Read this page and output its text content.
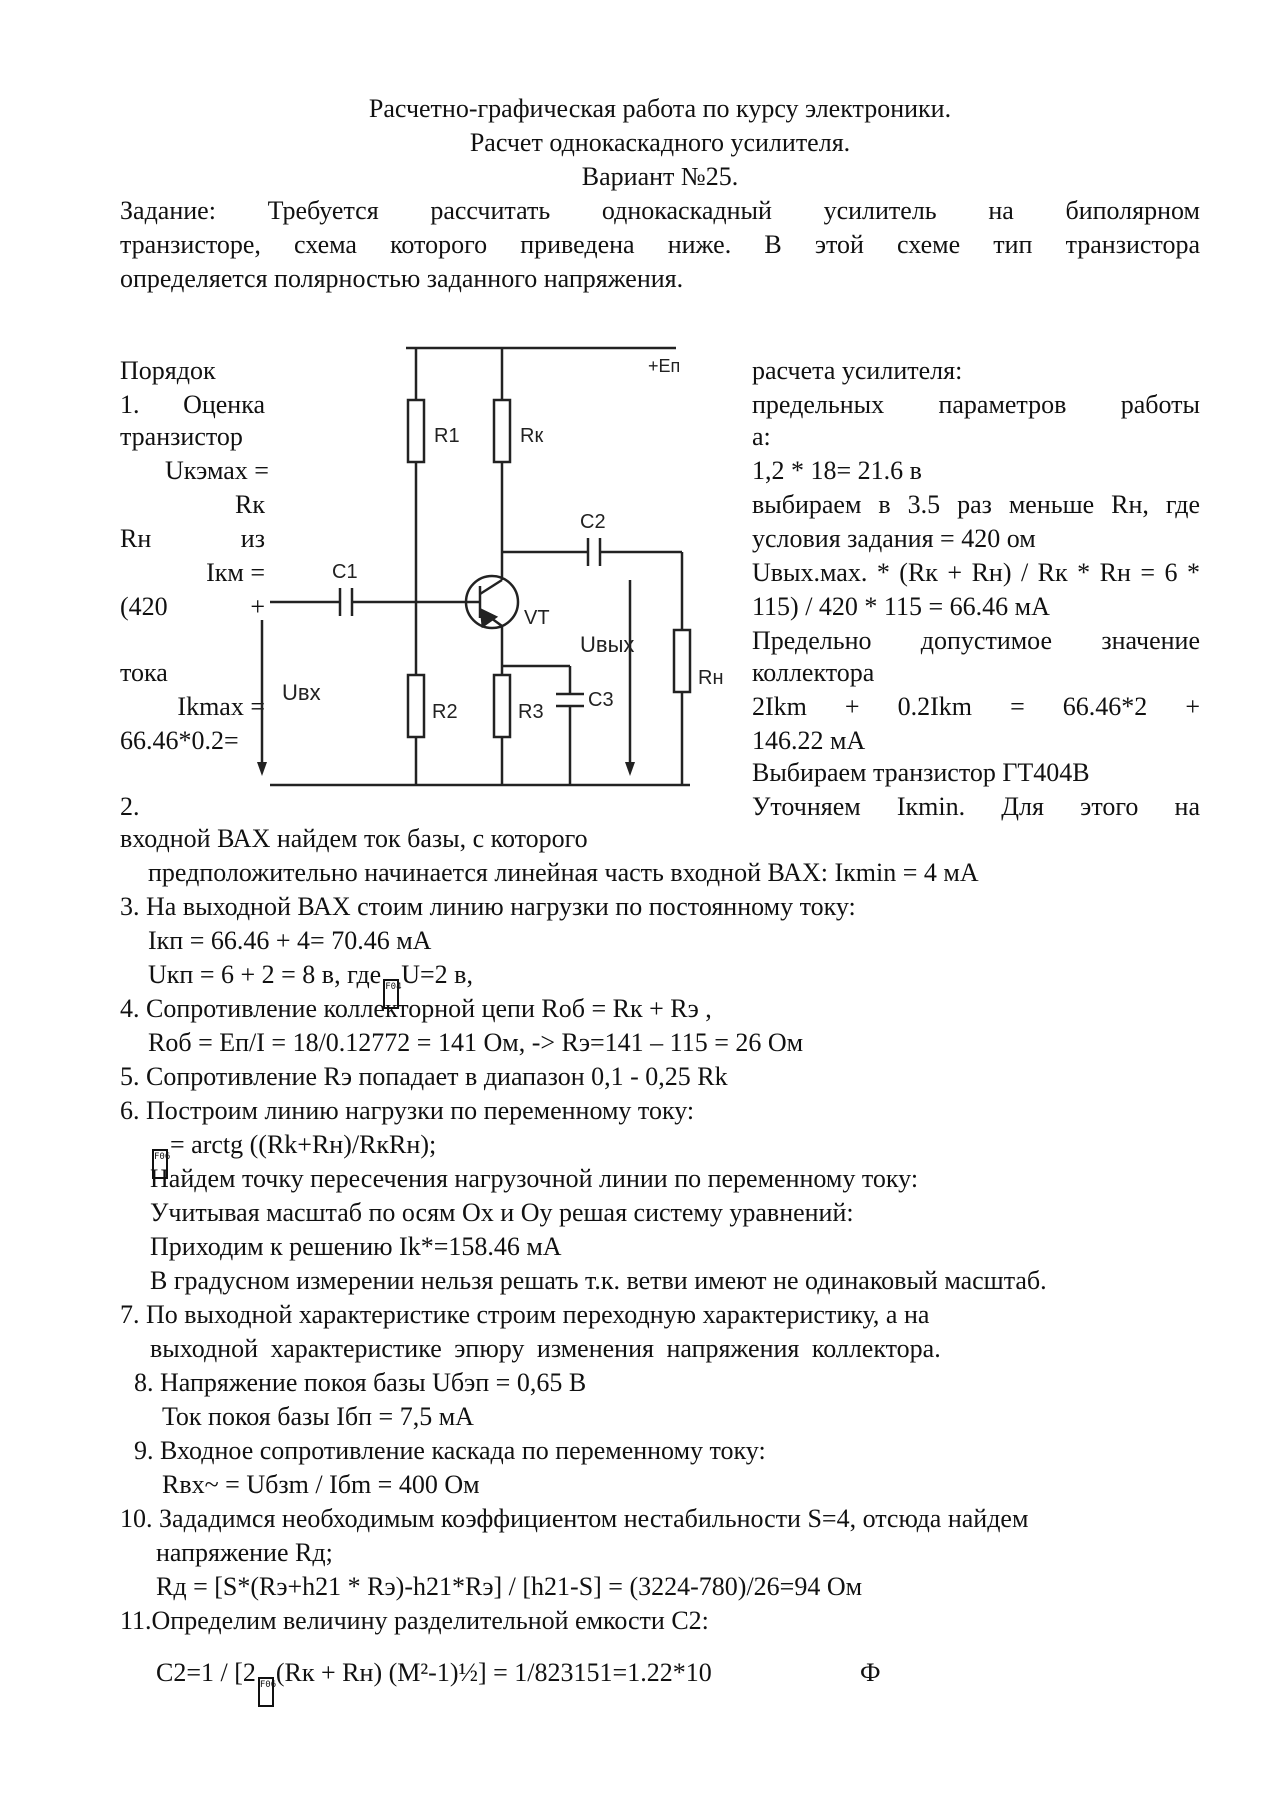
Расчетно-графическая работа по курсу электроники.
Расчет однокаскадного усилителя.
Вариант №25.
Задание: Требуется рассчитать однокаскадный усилитель на биполярном
транзисторе, схема которого приведена ниже. В этой схеме тип транзистора
определяется полярностью заданного напряжения.
Порядок
1. Оценка
транзистор
Uкэмах =
Rк
Rн из
Iкм =
(420 +
тока
Ikmax =
66.46*0.2=
2.
расчета усилителя:
предельных параметров работы
а:
1,2 * 18= 21.6 в
выбираем в 3.5 раз меньше Rн, где
условия задания = 420 ом
Uвых.мах. * (Rк + Rн) / Rк * Rн = 6 *
115) / 420 * 115 = 66.46 мА
Предельно допустимое значение
коллектора
2Ikm + 0.2Ikm = 66.46*2 +
146.22 мА
Выбираем транзистор ГТ404В
Уточняем Iкmin. Для этого на
+Eп
R1	Rк
C2
C1
VT
Uвых
Uвх
R2	R3
C3
Rн
входной ВАХ найдем ток базы, с которого
предположительно начинается линейная часть входной ВАХ: Iкmin = 4 мА
3. На выходной ВАХ стоим линию нагрузки по постоянному току:
Iкп = 66.46 + 4= 70.46 мА
Uкп = 6 + 2 = 8 в, где F04U=2 в,
4. Сопротивление коллекторной цепи Rоб = Rк + Rэ ,
Rоб = Eп/I = 18/0.12772 = 141 Ом, -> Rэ=141 – 115 = 26 Ом
5. Сопротивление Rэ попадает в диапазон 0,1 - 0,25 Rk
6. Построим линию нагрузки по переменному току:
F06= arctg ((Rk+Rн)/RкRн);
Найдем точку пересечения нагрузочной линии по переменному току:
Учитывая масштаб по осям Ох и Оу решая систему уравнений:
Приходим к решению Ik*=158.46 мА
В градусном измерении нельзя решать т.к. ветви имеют не одинаковый масштаб.
7. По выходной характеристике строим переходную характеристику, а на
выходной характеристике эпюру изменения напряжения коллектора.
8. Напряжение покоя базы Uбэп = 0,65 В
Ток покоя базы Iбп = 7,5 мА
9. Входное сопротивление каскада по переменному току:
Rвх~ = Uбзm / Iбm = 400 Ом
10. Зададимся необходимым коэффициентом нестабильности S=4, отсюда найдем
напряжение Rд;
Rд = [S*(Rэ+h21 * Rэ)-h21*Rэ] / [h21-S] = (3224-780)/26=94 Ом
11.Определим величину разделительной емкости С2:
С2=1 / [2 F06(Rк + Rн) (M²-1)½] = 1/823151=1.22*10	Ф
